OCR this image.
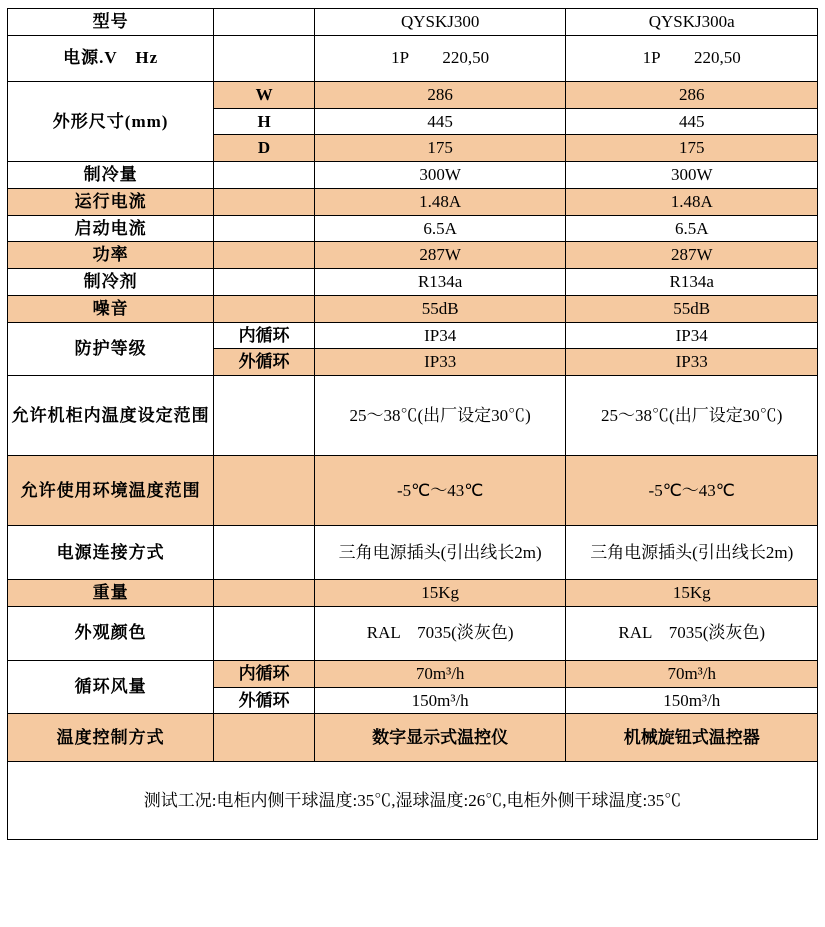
型号		QYSKJ300	QYSKJ300a
电源.V　Hz		1P　　220,50	1P　　220,50
外形尺寸(mm)	W	286	286
	H	445	445
	D	175	175
制冷量		300W	300W
运行电流		1.48A	1.48A
启动电流		6.5A	6.5A
功率		287W	287W
制冷剂		R134a	R134a
噪音		55dB	55dB
防护等级	内循环	IP34	IP34
	外循环	IP33	IP33
允许机柜内温度设定范围		25～38℃(出厂设定30℃)	25～38℃(出厂设定30℃)
允许使用环境温度范围		-5℃～43℃	-5℃～43℃
电源连接方式		三角电源插头(引出线长2m)	三角电源插头(引出线长2m)
重量		15Kg	15Kg
外观颜色		RAL　7035(淡灰色)	RAL　7035(淡灰色)
循环风量	内循环	70m³/h	70m³/h
	外循环	150m³/h	150m³/h
温度控制方式		数字显示式温控仪	机械旋钮式温控器
测试工况:电柜内侧干球温度:35℃,湿球温度:26℃,电柜外侧干球温度:35℃			
